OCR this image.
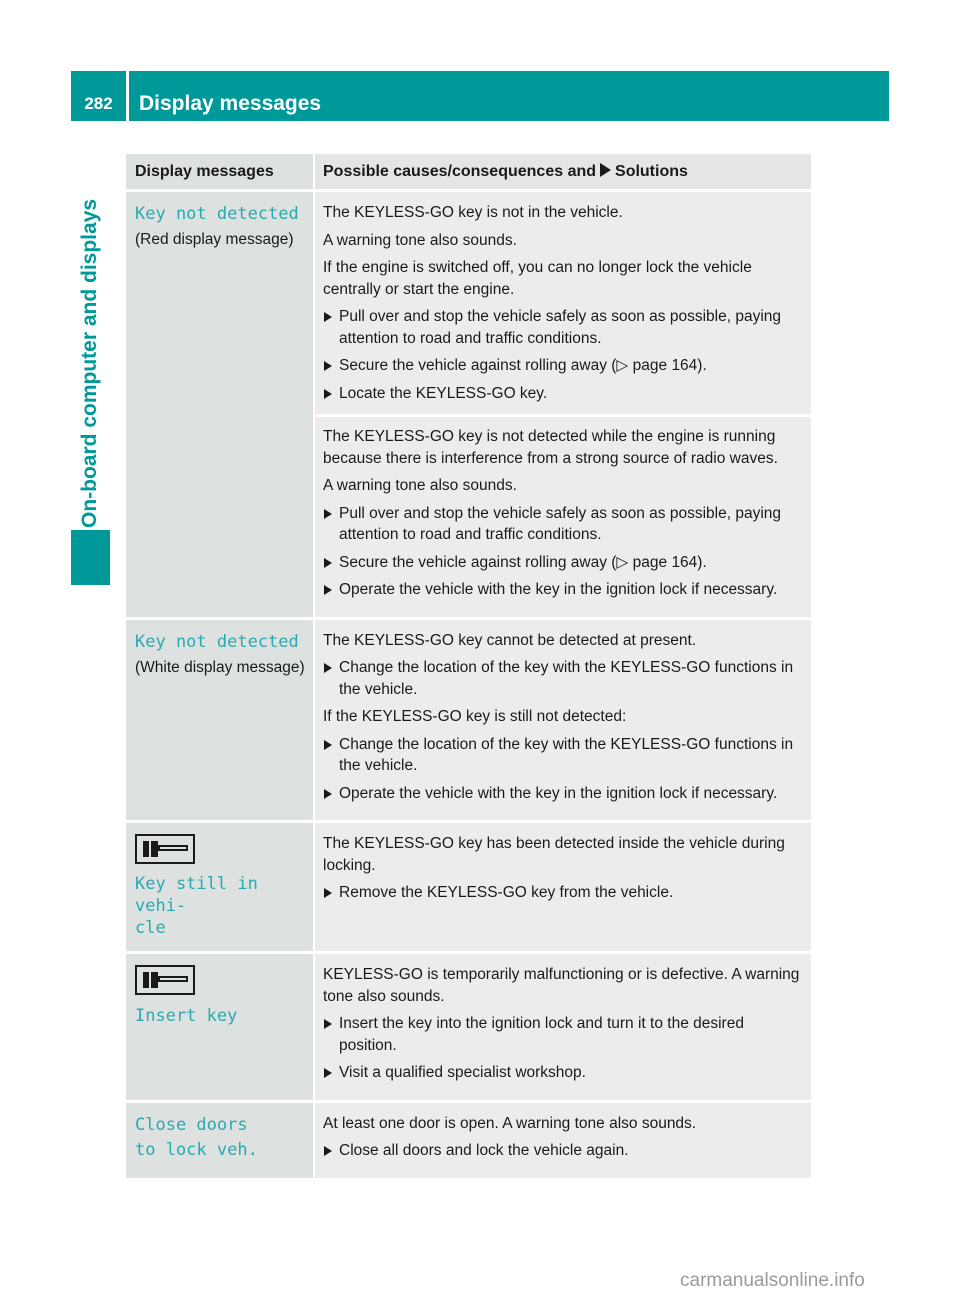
282	Display messages
On-board computer and displays
Display messages	Possible causes/consequences and Solutions
Key not detected
(Red display message)

The KEYLESS-GO key is not in the vehicle.

A warning tone also sounds.

If the engine is switched off, you can no longer lock the vehicle centrally or start the engine.

Pull over and stop the vehicle safely as soon as possible, paying attention to road and traffic conditions.
Secure the vehicle against rolling away (▷ page 164).
Locate the KEYLESS-GO key.

The KEYLESS-GO key is not detected while the engine is running because there is interference from a strong source of radio waves.

A warning tone also sounds.

Pull over and stop the vehicle safely as soon as possible, paying attention to road and traffic conditions.
Secure the vehicle against rolling away (▷ page 164).
Operate the vehicle with the key in the ignition lock if necessary.
Key not detected
(White display message)

The KEYLESS-GO key cannot be detected at present.

Change the location of the key with the KEYLESS-GO functions in the vehicle.

If the KEYLESS-GO key is still not detected:

Change the location of the key with the KEYLESS-GO functions in the vehicle.
Operate the vehicle with the key in the ignition lock if necessary.
Key still in vehi‐
cle

The KEYLESS-GO key has been detected inside the vehicle during locking.

Remove the KEYLESS-GO key from the vehicle.
Insert key

KEYLESS-GO is temporarily malfunctioning or is defective. A warning tone also sounds.

Insert the key into the ignition lock and turn it to the desired position.
Visit a qualified specialist workshop.
Close doors
to lock veh.

At least one door is open. A warning tone also sounds.

Close all doors and lock the vehicle again.
carmanualsonline.info
